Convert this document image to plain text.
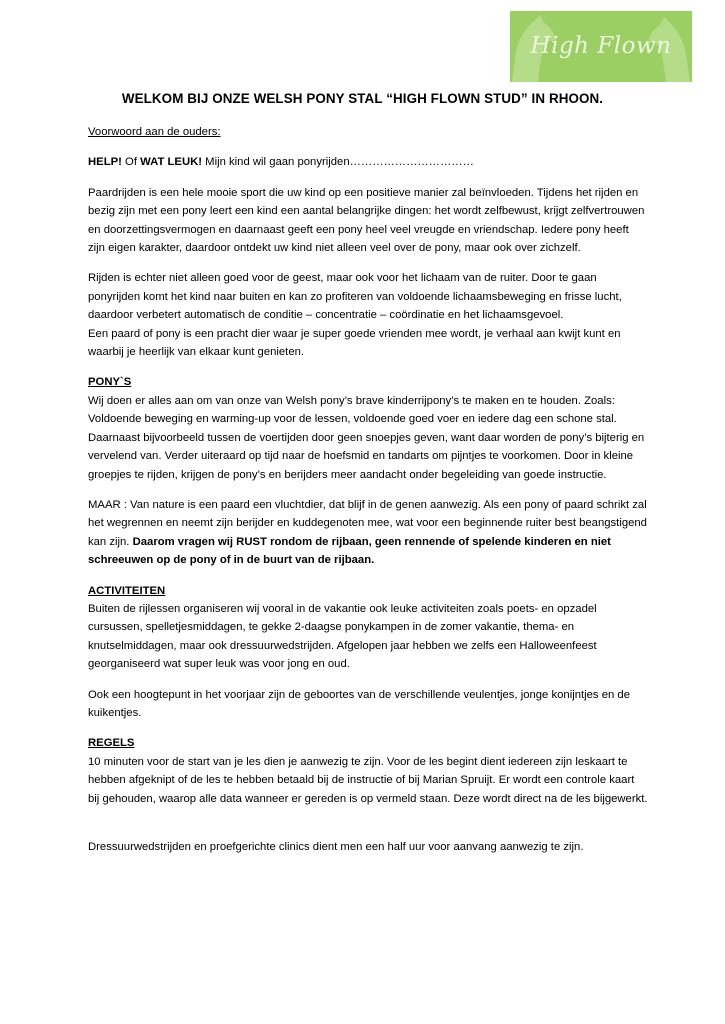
High Flown
WELKOM BIJ ONZE WELSH PONY STAL “HIGH FLOWN STUD” IN RHOON.

Voorwoord aan de ouders:

HELP! Of WAT LEUK! Mijn kind wil gaan ponyrijden……………………………

Paardrijden is een hele mooie sport die uw kind op een positieve manier zal beïnvloeden. Tijdens het rijden en bezig zijn met een pony leert een kind een aantal belangrijke dingen: het wordt zelfbewust, krijgt zelfvertrouwen en doorzettingsvermogen en daarnaast geeft een pony heel veel vreugde en vriendschap. Iedere pony heeft zijn eigen karakter, daardoor ontdekt uw kind niet alleen veel over de pony, maar ook over zichzelf.

Rijden is echter niet alleen goed voor de geest, maar ook voor het lichaam van de ruiter. Door te gaan ponyrijden komt het kind naar buiten en kan zo profiteren van voldoende lichaamsbeweging en frisse lucht, daardoor verbetert automatisch de conditie – concentratie – coördinatie en het lichaamsgevoel.

Een paard of pony is een pracht dier waar je super goede vrienden mee wordt, je verhaal aan kwijt kunt en waarbij je heerlijk van elkaar kunt genieten.

PONY`S

Wij doen er alles aan om van onze van Welsh pony’s brave kinderrijpony’s te maken en te houden. Zoals: Voldoende beweging en warming-up voor de lessen, voldoende goed voer en iedere dag een schone stal. Daarnaast bijvoorbeeld tussen de voertijden door geen snoepjes geven, want daar worden de pony’s bijterig en vervelend van. Verder uiteraard op tijd naar de hoefsmid en tandarts om pijntjes te voorkomen. Door in kleine groepjes te rijden, krijgen de pony’s en berijders meer aandacht onder begeleiding van goede instructie.

MAAR : Van nature is een paard een vluchtdier, dat blijf in de genen aanwezig. Als een pony of paard schrikt zal het wegrennen en neemt zijn berijder en kuddegenoten mee, wat voor een beginnende ruiter best beangstigend kan zijn. Daarom vragen wij RUST rondom de rijbaan, geen rennende of spelende kinderen en niet schreeuwen op de pony of in de buurt van de rijbaan.

ACTIVITEITEN

Buiten de rijlessen organiseren wij vooral in de vakantie ook leuke activiteiten zoals poets- en opzadel cursussen, spelletjesmiddagen, te gekke 2-daagse ponykampen in de zomer vakantie, thema- en knutselmiddagen, maar ook dressuurwedstrijden. Afgelopen jaar hebben we zelfs een Halloweenfeest georganiseerd wat super leuk was voor jong en oud.

Ook een hoogtepunt in het voorjaar zijn de geboortes van de verschillende veulentjes, jonge konijntjes en de kuikentjes.

REGELS

10 minuten voor de start van je les dien je aanwezig te zijn. Voor de les begint dient iedereen zijn leskaart te hebben afgeknipt of de les te hebben betaald bij de instructie of bij Marian Spruijt. Er wordt een controle kaart bij gehouden, waarop alle data wanneer er gereden is op vermeld staan. Deze wordt direct na de les bijgewerkt.

Dressuurwedstrijden en proefgerichte clinics dient men een half uur voor aanvang aanwezig te zijn.
